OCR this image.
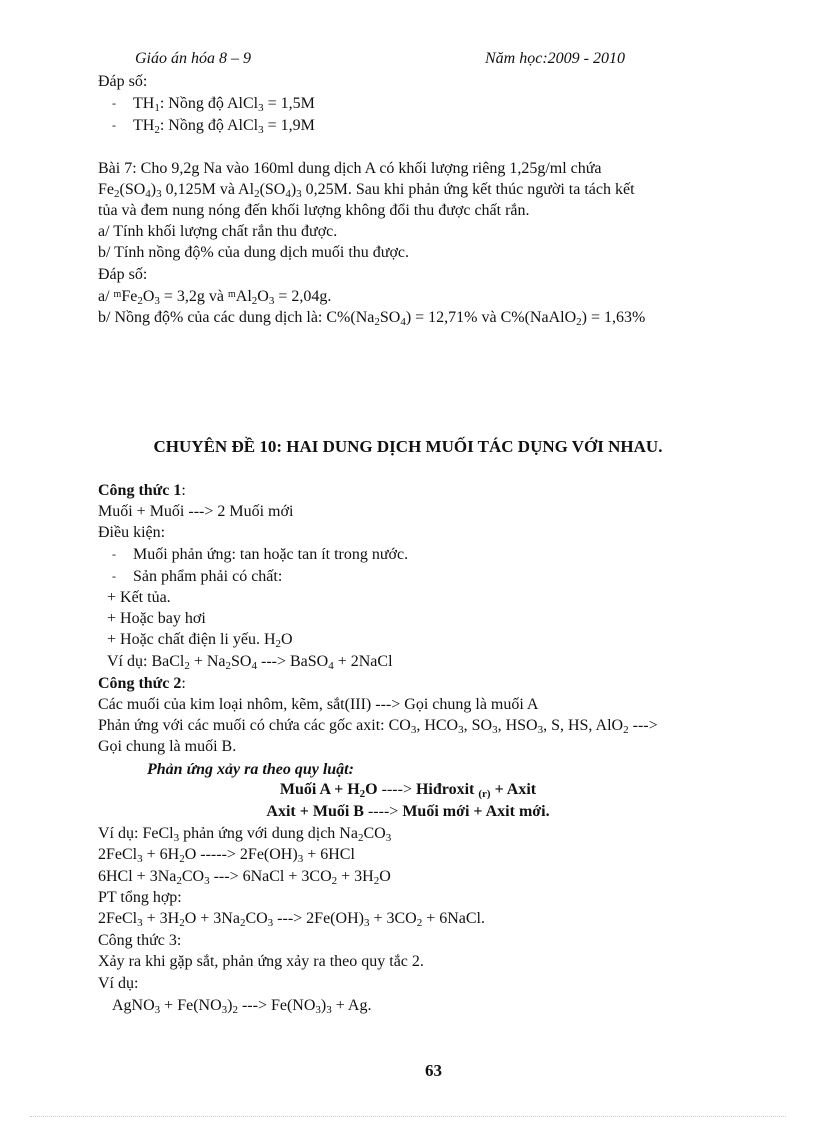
Giáo án hóa 8 – 9	Năm học:2009 - 2010
Đáp số:
- $TH_1$: Nồng độ AlCl$_3$ = 1,5M
- $TH_2$: Nồng độ AlCl$_3$ = 1,9M
Bài 7: Cho 9,2g Na vào 160ml dung dịch A có khối lượng riêng 1,25g/ml chứa
$Fe_2(SO_4)_3$ 0,125M và $Al_2(SO_4)_3$ 0,25M. Sau khi phản ứng kết thúc người ta tách kết
tủa và đem nung nóng đến khối lượng không đổi thu được chất rắn.
a/ Tính khối lượng chất rắn thu được.
b/ Tính nồng độ% của dung dịch muối thu được.
Đáp số:
a/ $^mFe_2O_3 = 3,2g$ và $^mAl_2O_3 = 2,04g$.
b/ Nồng độ% của các dung dịch là: $C\%(Na_2SO_4) = 12,71\%$ và C%(NaAlO$_2$) = 1,63%
CHUYÊN ĐỀ 10: HAI DUNG DỊCH MUỐI TÁC DỤNG VỚI NHAU.
Công thức 1:
Muối + Muối ---> 2 Muối mới
Điều kiện:
- Muối phản ứng: tan hoặc tan ít trong nước.
- Sản phẩm phải có chất:
+ Kết tủa.
+ Hoặc bay hơi
+ Hoặc chất điện li yếu. $H_2O$
Ví dụ: BaCl$_2$ + $Na_2SO_4$ ---> BaSO$_4$ + 2NaCl
Công thức 2:
Các muối của kim loại nhôm, kẽm, sắt(III) ---> Gọi chung là muối A
Phản ứng với các muối có chứa các gốc axit: $CO_3$, $HCO_3$, $SO_3$, $HSO_3$, S, HS, AlO$_2$ --->
Gọi chung là muối B.
Phản ứng xảy ra theo quy luật:
Muối $A + H_2O$ ----> Hiđroxit $_{(r)}$ + Axit
Axit + Muối B ----> Muối mới + Axit mới.
Ví dụ: FeCl$_3$ phản ứng với dung dịch $Na_2CO_3$
2FeCl$_3$ + $6H_2O$ -----> $2Fe(OH)_3 + 6HCl$
$6HCl + 3Na_2CO_3$ ---> 6NaCl + $3CO_2 + 3H_2O$
PT tổng hợp:
2FeCl$_3$ + $3H_2O + 3Na_2CO_3$ ---> $2Fe(OH)_3 + 3CO_2$ + 6NaCl.
Công thức 3:
Xảy ra khi gặp sắt, phản ứng xảy ra theo quy tắc 2.
Ví dụ:
AgNO$_3$ + $Fe(NO_3)_2$ ---> $Fe(NO_3)_3 + Ag$.
63
